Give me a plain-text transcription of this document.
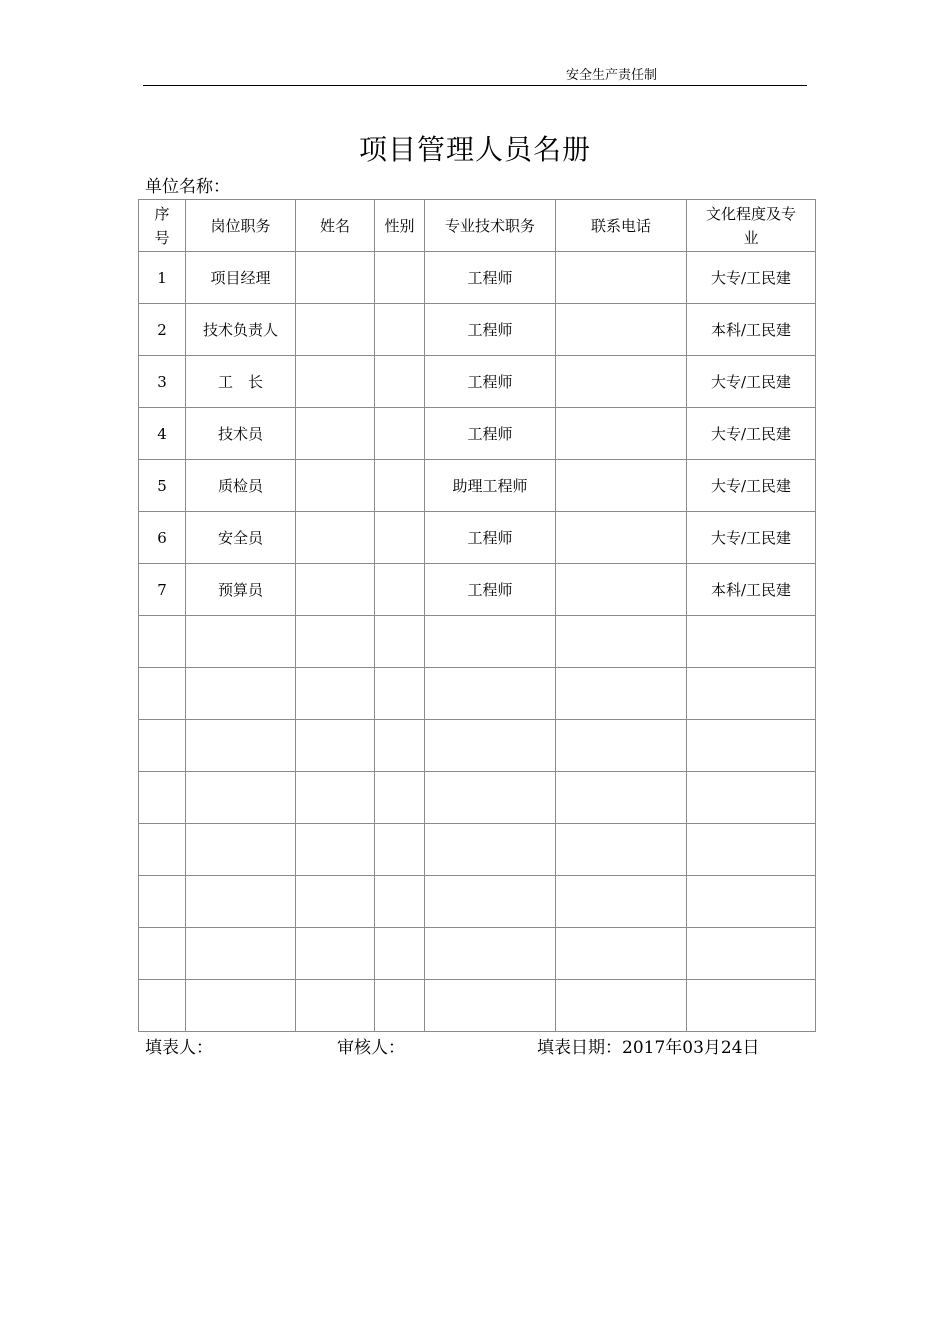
安全生产责任制
项目管理人员名册
单位名称：
序号	岗位职务	姓名	性别	专业技术职务	联系电话	文化程度及专业
1	项目经理			工程师		大专/工民建
2	技术负责人			工程师		本科/工民建
3	工　长			工程师		大专/工民建
4	技术员			工程师		大专/工民建
5	质检员			助理工程师		大专/工民建
6	安全员			工程师		大专/工民建
7	预算员			工程师		本科/工民建

填表人：	审核人：	填表日期：2017年03月24日
